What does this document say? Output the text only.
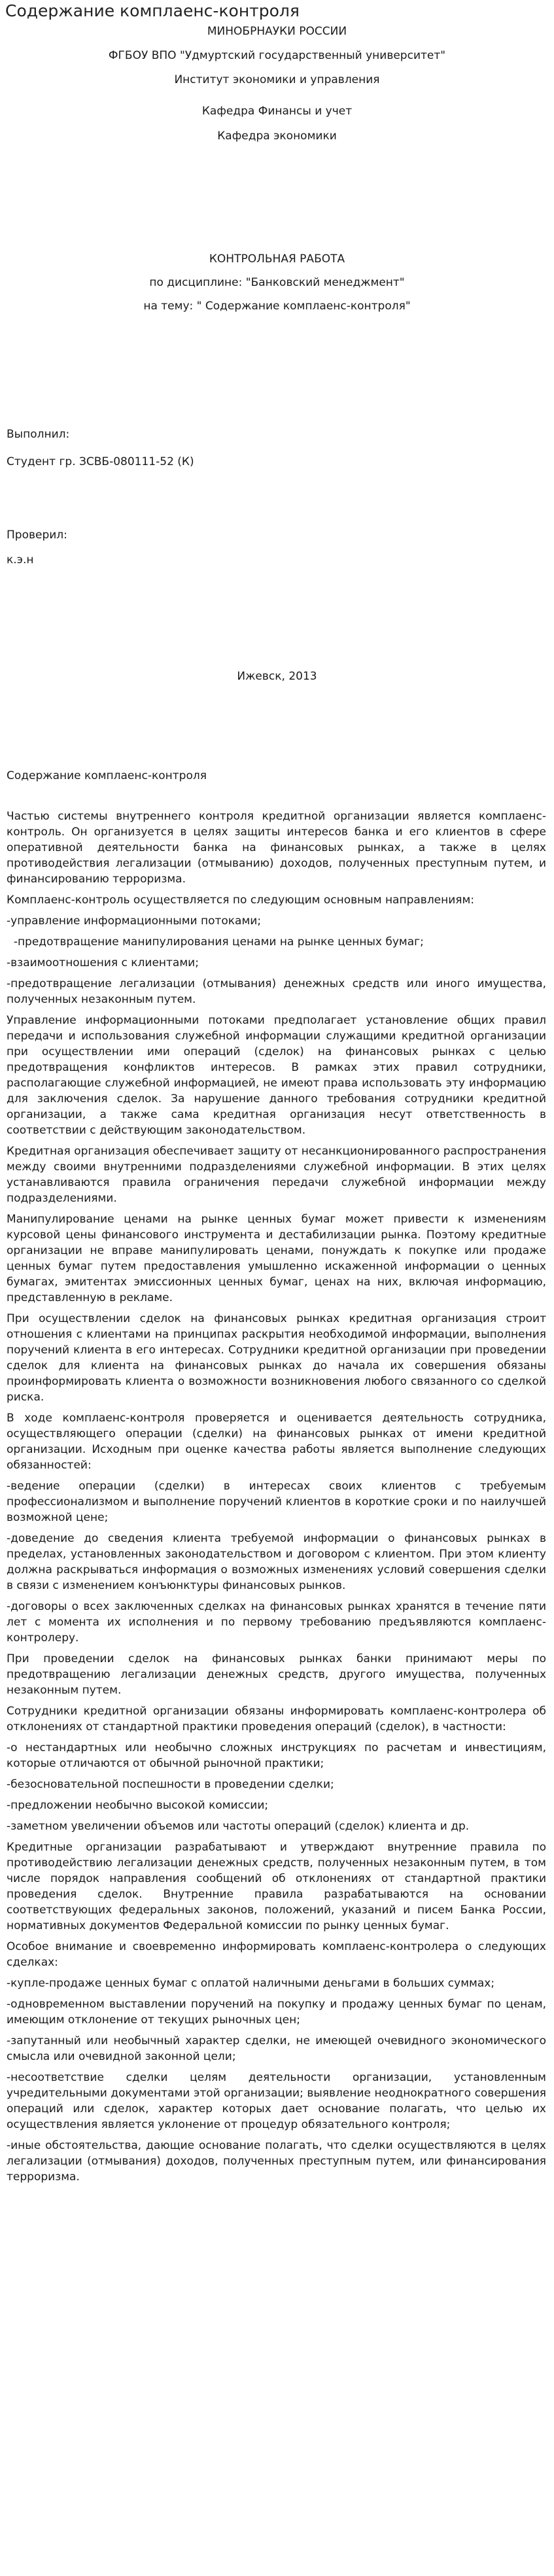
Содержание комплаенс-контроля
МИНОБРНАУКИ РОССИИ
ФГБОУ ВПО "Удмуртский государственный университет"
Институт экономики и управления
Кафедра Финансы и учет
Кафедра экономики
КОНТРОЛЬНАЯ РАБОТА
по дисциплине: "Банковский менеджмент"
на тему: " Содержание комплаенс-контроля"
Выполнил:
Студент гр. ЗСВБ-080111-52 (К)
Проверил:
к.э.н
Ижевск, 2013
Содержание комплаенс-контроля

Частью системы внутреннего контроля кредитной организации является комплаенс-контроль. Он организуется в целях защиты интересов банка и его клиентов в сфере оперативной деятельности банка на финансовых рынках, а также в целях противодействия легализации (отмыванию) доходов, полученных преступным путем, и финансированию терроризма.

Комплаенс-контроль осуществляется по следующим основным направлениям:

-управление информационными потоками;

-предотвращение манипулирования ценами на рынке ценных бумаг;

-взаимоотношения с клиентами;

-предотвращение легализации (отмывания) денежных средств или иного имущества, полученных незаконным путем.

Управление информационными потоками предполагает установление общих правил передачи и использования служебной информации служащими кредитной организации при осуществлении ими операций (сделок) на финансовых рынках с целью предотвращения конфликтов интересов. В рамках этих правил сотрудники, располагающие служебной информацией, не имеют права использовать эту информацию для заключения сделок. За нарушение данного требования сотрудники кредитной организации, а также сама кредитная организация несут ответственность в соответствии с действующим законодательством.

Кредитная организация обеспечивает защиту от несанкционированного распространения между своими внутренними подразделениями служебной информации. В этих целях устанавливаются правила ограничения передачи служебной информации между подразделениями.

Манипулирование ценами на рынке ценных бумаг может привести к изменениям курсовой цены финансового инструмента и дестабилизации рынка. Поэтому кредитные организации не вправе манипулировать ценами, понуждать к покупке или продаже ценных бумаг путем предоставления умышленно искаженной информации о ценных бумагах, эмитентах эмиссионных ценных бумаг, ценах на них, включая информацию, представленную в рекламе.

При осуществлении сделок на финансовых рынках кредитная организация строит отношения с клиентами на принципах раскрытия необходимой информации, выполнения поручений клиента в его интересах. Сотрудники кредитной организации при проведении сделок для клиента на финансовых рынках до начала их совершения обязаны проинформировать клиента о возможности возникновения любого связанного со сделкой риска.

В ходе комплаенс-контроля проверяется и оценивается деятельность сотрудника, осуществляющего операции (сделки) на финансовых рынках от имени кредитной организации. Исходным при оценке качества работы является выполнение следующих обязанностей:

-ведение операции (сделки) в интересах своих клиентов с требуемым профессионализмом и выполнение поручений клиентов в короткие сроки и по наилучшей возможной цене;

-доведение до сведения клиента требуемой информации о финансовых рынках в пределах, установленных законодательством и договором с клиентом. При этом клиенту должна раскрываться информация о возможных изменениях условий совершения сделки в связи с изменением конъюнктуры финансовых рынков.

-договоры о всех заключенных сделках на финансовых рынках хранятся в течение пяти лет с момента их исполнения и по первому требованию предъявляются комплаенс-контролеру.

При проведении сделок на финансовых рынках банки принимают меры по предотвращению легализации денежных средств, другого имущества, полученных незаконным путем.

Сотрудники кредитной организации обязаны информировать комплаенс-контролера об отклонениях от стандартной практики проведения операций (сделок), в частности:

-о нестандартных или необычно сложных инструкциях по расчетам и инвестициям, которые отличаются от обычной рыночной практики;

-безосновательной поспешности в проведении сделки;

-предложении необычно высокой комиссии;

-заметном увеличении объемов или частоты операций (сделок) клиента и др.

Кредитные организации разрабатывают и утверждают внутренние правила по противодействию легализации денежных средств, полученных незаконным путем, в том числе порядок направления сообщений об отклонениях от стандартной практики проведения сделок. Внутренние правила разрабатываются на основании соответствующих федеральных законов, положений, указаний и писем Банка России, нормативных документов Федеральной комиссии по рынку ценных бумаг.

Особое внимание и своевременно информировать комплаенс-контролера о следующих сделках:

-купле-продаже ценных бумаг с оплатой наличными деньгами в больших суммах;

-одновременном выставлении поручений на покупку и продажу ценных бумаг по ценам, имеющим отклонение от текущих рыночных цен;

-запутанный или необычный характер сделки, не имеющей очевидного экономического смысла или очевидной законной цели;

-несоответствие сделки целям деятельности организации, установленным учредительными документами этой организации; выявление неоднократного совершения операций или сделок, характер которых дает основание полагать, что целью их осуществления является уклонение от процедур обязательного контроля;

-иные обстоятельства, дающие основание полагать, что сделки осуществляются в целях легализации (отмывания) доходов, полученных преступным путем, или финансирования терроризма.
